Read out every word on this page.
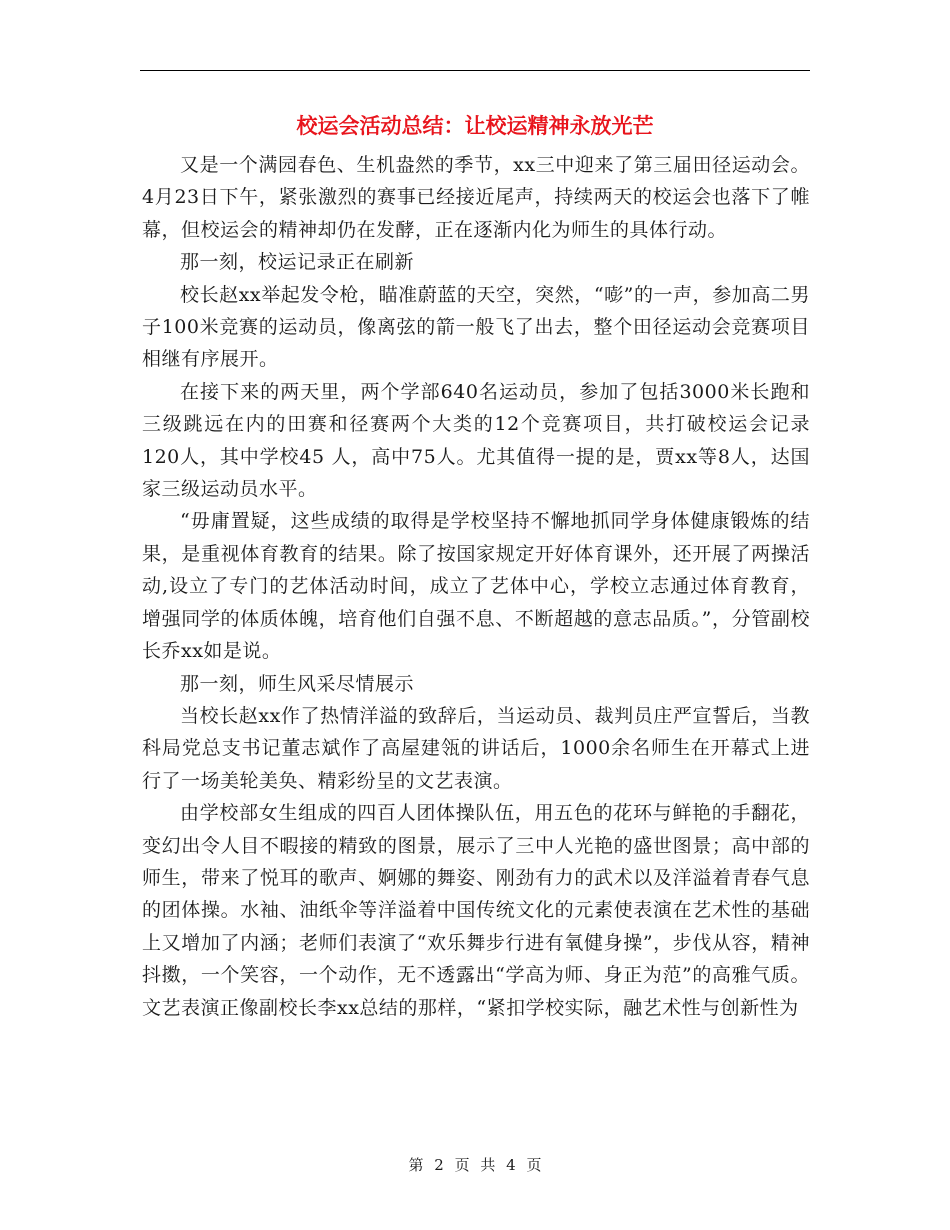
校运会活动总结：让校运精神永放光芒

又是一个满园春色、生机盎然的季节，xx三中迎来了第三届田径运动会。4月23日下午，紧张激烈的赛事已经接近尾声，持续两天的校运会也落下了帷幕，但校运会的精神却仍在发酵，正在逐渐内化为师生的具体行动。

那一刻，校运记录正在刷新

校长赵xx举起发令枪，瞄准蔚蓝的天空，突然，“嘭”的一声，参加高二男子100米竞赛的运动员，像离弦的箭一般飞了出去，整个田径运动会竞赛项目相继有序展开。

在接下来的两天里，两个学部640名运动员，参加了包括3000米长跑和三级跳远在内的田赛和径赛两个大类的12个竞赛项目，共打破校运会记录 120人，其中学校45 人，高中75人。尤其值得一提的是，贾xx等8人，达国家三级运动员水平。

“毋庸置疑，这些成绩的取得是学校坚持不懈地抓同学身体健康锻炼的结果，是重视体育教育的结果。除了按国家规定开好体育课外，还开展了两操活动,设立了专门的艺体活动时间，成立了艺体中心，学校立志通过体育教育，增强同学的体质体魄，培育他们自强不息、不断超越的意志品质。”，分管副校长乔xx如是说。

那一刻，师生风采尽情展示

当校长赵xx作了热情洋溢的致辞后，当运动员、裁判员庄严宣誓后，当教科局党总支书记董志斌作了高屋建瓴的讲话后，1000余名师生在开幕式上进行了一场美轮美奂、精彩纷呈的文艺表演。

由学校部女生组成的四百人团体操队伍，用五色的花环与鲜艳的手翻花，变幻出令人目不暇接的精致的图景，展示了三中人光艳的盛世图景；高中部的师生，带来了悦耳的歌声、婀娜的舞姿、刚劲有力的武术以及洋溢着青春气息的团体操。水袖、油纸伞等洋溢着中国传统文化的元素使表演在艺术性的基础上又增加了内涵；老师们表演了“欢乐舞步行进有氧健身操”，步伐从容，精神抖擞，一个笑容，一个动作，无不透露出“学高为师、身正为范”的高雅气质。文艺表演正像副校长李xx总结的那样，“紧扣学校实际，融艺术性与创新性为

第 2 页 共 4 页
